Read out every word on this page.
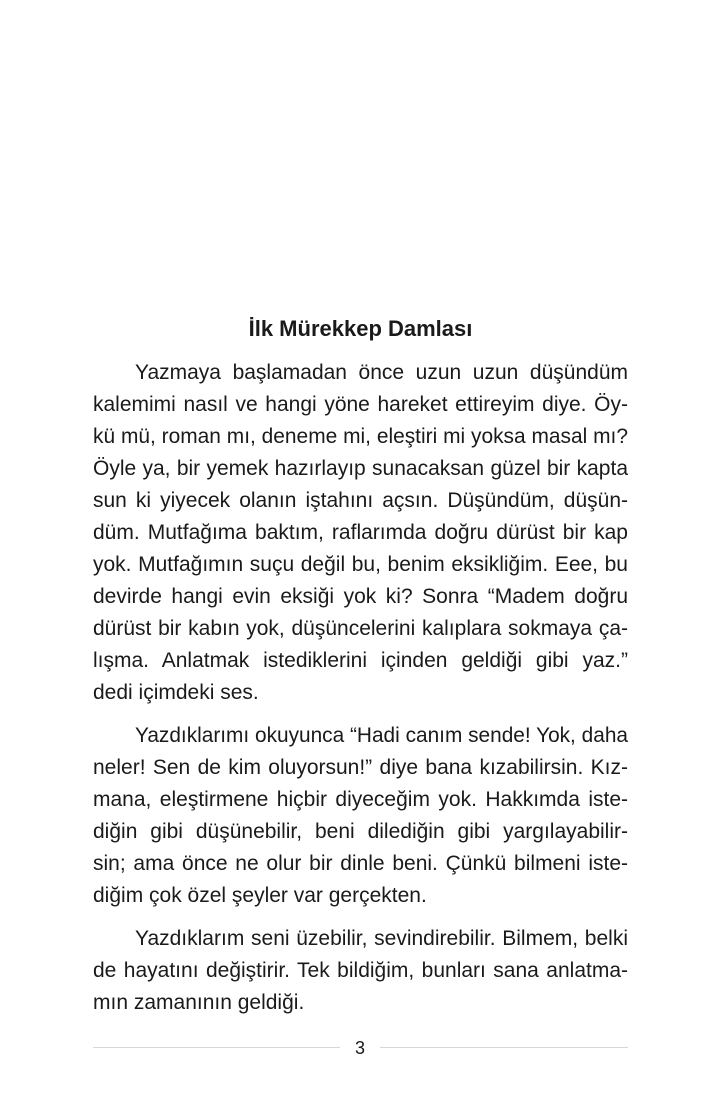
İlk Mürekkep Damlası

Yazmaya başlamadan önce uzun uzun düşündüm
kalemimi nasıl ve hangi yöne hareket ettireyim diye. Öy-
kü mü, roman mı, deneme mi, eleştiri mi yoksa masal mı?
Öyle ya, bir yemek hazırlayıp sunacaksan güzel bir kapta
sun ki yiyecek olanın iştahını açsın. Düşündüm, düşün-
düm. Mutfağıma baktım, raflarımda doğru dürüst bir kap
yok. Mutfağımın suçu değil bu, benim eksikliğim. Eee, bu
devirde hangi evin eksiği yok ki? Sonra “Madem doğru
dürüst bir kabın yok, düşüncelerini kalıplara sokmaya ça-
lışma. Anlatmak istediklerini içinden geldiği gibi yaz.”
dedi içimdeki ses.

Yazdıklarımı okuyunca “Hadi canım sende! Yok, daha
neler! Sen de kim oluyorsun!” diye bana kızabilirsin. Kız-
mana, eleştirmene hiçbir diyeceğim yok. Hakkımda iste-
diğin gibi düşünebilir, beni dilediğin gibi yargılayabilir-
sin; ama önce ne olur bir dinle beni. Çünkü bilmeni iste-
diğim çok özel şeyler var gerçekten.

Yazdıklarım seni üzebilir, sevindirebilir. Bilmem, belki
de hayatını değiştirir. Tek bildiğim, bunları sana anlatma-
mın zamanının geldiği.

3
